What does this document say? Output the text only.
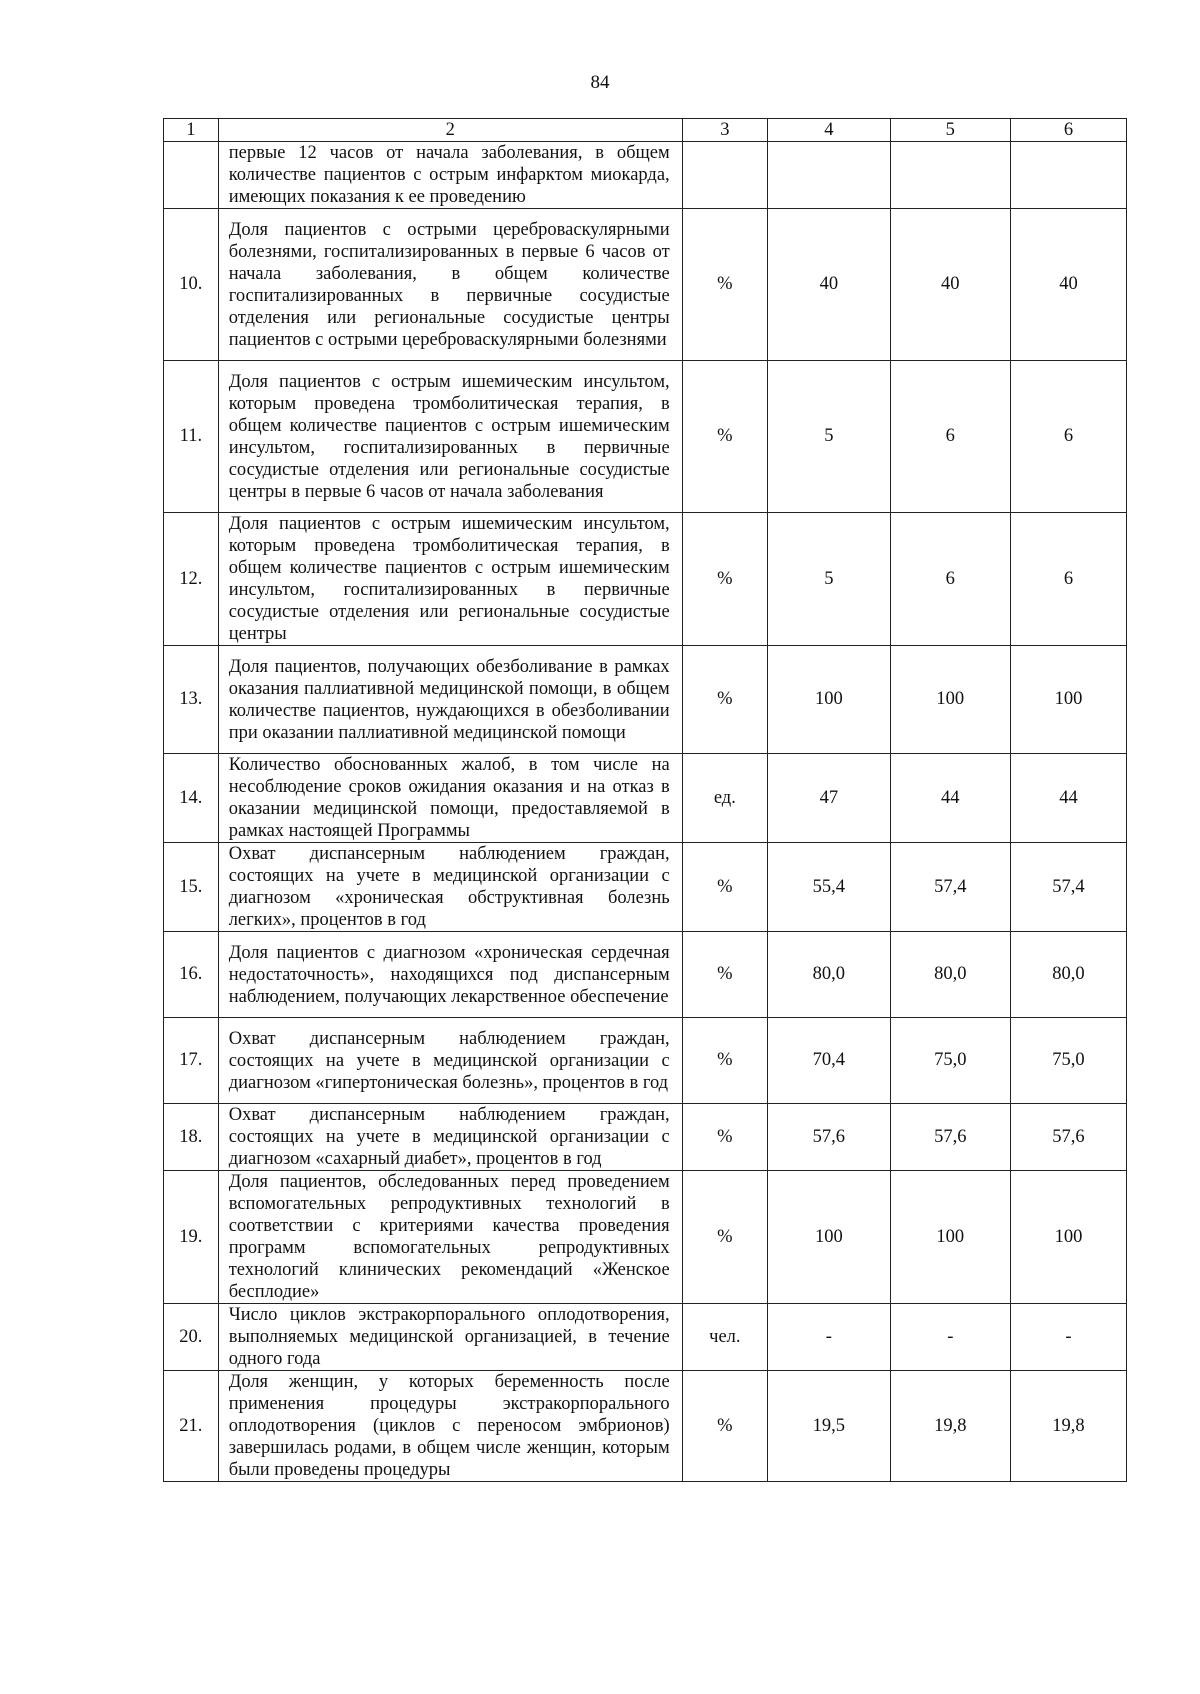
84
1	2	3	4	5	6
	первые 12 часов от начала заболевания, в общем количестве пациентов с острым инфарктом миокарда, имеющих показания к ее проведению				
10.	Доля пациентов с острыми цереброваскулярными болезнями, госпитализированных в первые 6 часов от начала заболевания, в общем количестве госпитализированных в первичные сосудистые отделения или региональные сосудистые центры пациентов с острыми цереброваскулярными болезнями	%	40	40	40
11.	Доля пациентов с острым ишемическим инсультом, которым проведена тромболитическая терапия, в общем количестве пациентов с острым ишемическим инсультом, госпитализированных в первичные сосудистые отделения или региональные сосудистые центры в первые 6 часов от начала заболевания	%	5	6	6
12.	Доля пациентов с острым ишемическим инсультом, которым проведена тромболитическая терапия, в общем количестве пациентов с острым ишемическим инсультом, госпитализированных в первичные сосудистые отделения или региональные сосудистые центры	%	5	6	6
13.	Доля пациентов, получающих обезболивание в рамках оказания паллиативной медицинской помощи, в общем количестве пациентов, нуждающихся в обезболивании при оказании паллиативной медицинской помощи	%	100	100	100
14.	Количество обоснованных жалоб, в том числе на несоблюдение сроков ожидания оказания и на отказ в оказании медицинской помощи, предоставляемой в рамках настоящей Программы	ед.	47	44	44
15.	Охват диспансерным наблюдением граждан, состоящих на учете в медицинской организации с диагнозом «хроническая обструктивная болезнь легких», процентов в год	%	55,4	57,4	57,4
16.	Доля пациентов с диагнозом «хроническая сердечная недостаточность», находящихся под диспансерным наблюдением, получающих лекарственное обеспечение	%	80,0	80,0	80,0
17.	Охват диспансерным наблюдением граждан, состоящих на учете в медицинской организации с диагнозом «гипертоническая болезнь», процентов в год	%	70,4	75,0	75,0
18.	Охват диспансерным наблюдением граждан, состоящих на учете в медицинской организации с диагнозом «сахарный диабет», процентов в год	%	57,6	57,6	57,6
19.	Доля пациентов, обследованных перед проведением вспомогательных репродуктивных технологий в соответствии с критериями качества проведения программ вспомогательных репродуктивных технологий клинических рекомендаций «Женское бесплодие»	%	100	100	100
20.	Число циклов экстракорпорального оплодотворения, выполняемых медицинской организацией, в течение одного года	чел.	-	-	-
21.	Доля женщин, у которых беременность после применения процедуры экстракорпорального оплодотворения (циклов с переносом эмбрионов) завершилась родами, в общем числе женщин, которым были проведены процедуры	%	19,5	19,8	19,8
